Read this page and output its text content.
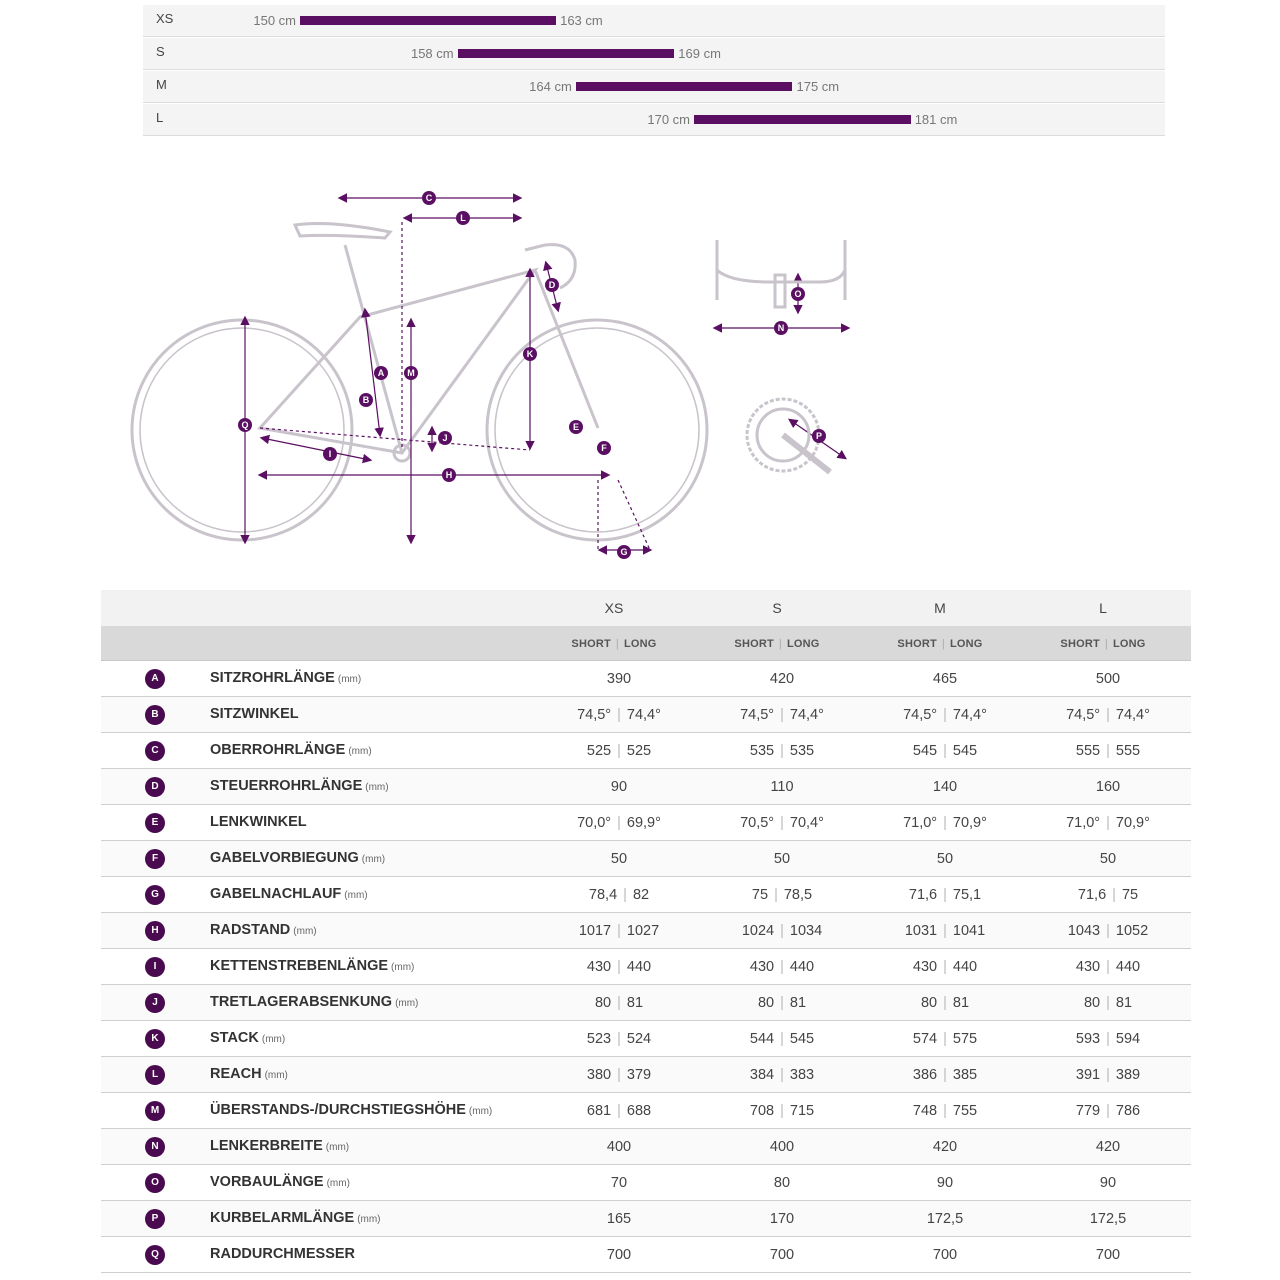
XS	150 cm	163 cm
S	158 cm	169 cm
M	164 cm	175 cm
L	170 cm	181 cm
C
L
A
B
D
E
F
G
H
I
J
K
M
N
O
P
Q
XS	S	M	L
SHORT | LONG	SHORT | LONG	SHORT | LONG	SHORT | LONG
A	SITZROHRLÄNGE (mm)	390	420	465	500
B	SITZWINKEL	74,5° | 74,4°	74,5° | 74,4°	74,5° | 74,4°	74,5° | 74,4°
C	OBERROHRLÄNGE (mm)	525 | 525	535 | 535	545 | 545	555 | 555
D	STEUERROHRLÄNGE (mm)	90	110	140	160
E	LENKWINKEL	70,0° | 69,9°	70,5° | 70,4°	71,0° | 70,9°	71,0° | 70,9°
F	GABELVORBIEGUNG (mm)	50	50	50	50
G	GABELNACHLAUF (mm)	78,4 | 82	75 | 78,5	71,6 | 75,1	71,6 | 75
H	RADSTAND (mm)	1017 | 1027	1024 | 1034	1031 | 1041	1043 | 1052
I	KETTENSTREBENLÄNGE (mm)	430 | 440	430 | 440	430 | 440	430 | 440
J	TRETLAGERABSENKUNG (mm)	80 | 81	80 | 81	80 | 81	80 | 81
K	STACK (mm)	523 | 524	544 | 545	574 | 575	593 | 594
L	REACH (mm)	380 | 379	384 | 383	386 | 385	391 | 389
M	ÜBERSTANDS-/DURCHSTIEGSHÖHE (mm)	681 | 688	708 | 715	748 | 755	779 | 786
N	LENKERBREITE (mm)	400	400	420	420
O	VORBAULÄNGE (mm)	70	80	90	90
P	KURBELARMLÄNGE (mm)	165	170	172,5	172,5
Q	RADDURCHMESSER	700	700	700	700
